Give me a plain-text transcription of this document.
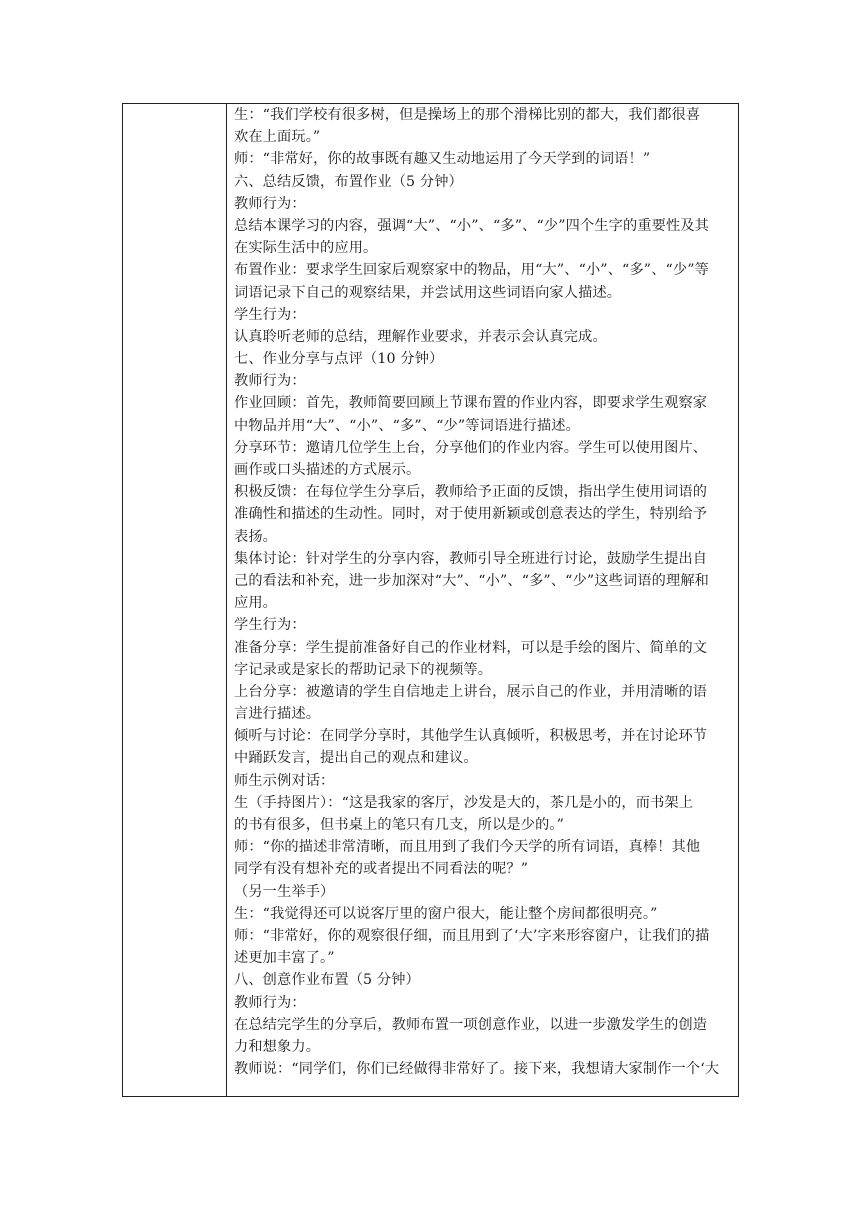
生：“我们学校有很多树，但是操场上的那个滑梯比别的都大，我们都很喜
欢在上面玩。”
师：“非常好，你的故事既有趣又生动地运用了今天学到的词语！”
六、总结反馈，布置作业（5 分钟）
教师行为：
总结本课学习的内容，强调“大”、“小”、“多”、“少”四个生字的重要性及其
在实际生活中的应用。
布置作业：要求学生回家后观察家中的物品，用“大”、“小”、“多”、“少”等
词语记录下自己的观察结果，并尝试用这些词语向家人描述。
学生行为：
认真聆听老师的总结，理解作业要求，并表示会认真完成。
七、作业分享与点评（10 分钟）
教师行为：
作业回顾：首先，教师简要回顾上节课布置的作业内容，即要求学生观察家
中物品并用“大”、“小”、“多”、“少”等词语进行描述。
分享环节：邀请几位学生上台，分享他们的作业内容。学生可以使用图片、
画作或口头描述的方式展示。
积极反馈：在每位学生分享后，教师给予正面的反馈，指出学生使用词语的
准确性和描述的生动性。同时，对于使用新颖或创意表达的学生，特别给予
表扬。
集体讨论：针对学生的分享内容，教师引导全班进行讨论，鼓励学生提出自
己的看法和补充，进一步加深对“大”、“小”、“多”、“少”这些词语的理解和
应用。
学生行为：
准备分享：学生提前准备好自己的作业材料，可以是手绘的图片、简单的文
字记录或是家长的帮助记录下的视频等。
上台分享：被邀请的学生自信地走上讲台，展示自己的作业，并用清晰的语
言进行描述。
倾听与讨论：在同学分享时，其他学生认真倾听，积极思考，并在讨论环节
中踊跃发言，提出自己的观点和建议。
师生示例对话：
生（手持图片）：“这是我家的客厅，沙发是大的，茶几是小的，而书架上
的书有很多，但书桌上的笔只有几支，所以是少的。”
师：“你的描述非常清晰，而且用到了我们今天学的所有词语，真棒！其他
同学有没有想补充的或者提出不同看法的呢？”
（另一生举手）
生：“我觉得还可以说客厅里的窗户很大，能让整个房间都很明亮。”
师：“非常好，你的观察很仔细，而且用到了‘大’字来形容窗户，让我们的描
述更加丰富了。”
八、创意作业布置（5 分钟）
教师行为：
在总结完学生的分享后，教师布置一项创意作业，以进一步激发学生的创造
力和想象力。
教师说：“同学们，你们已经做得非常好了。接下来，我想请大家制作一个‘大
